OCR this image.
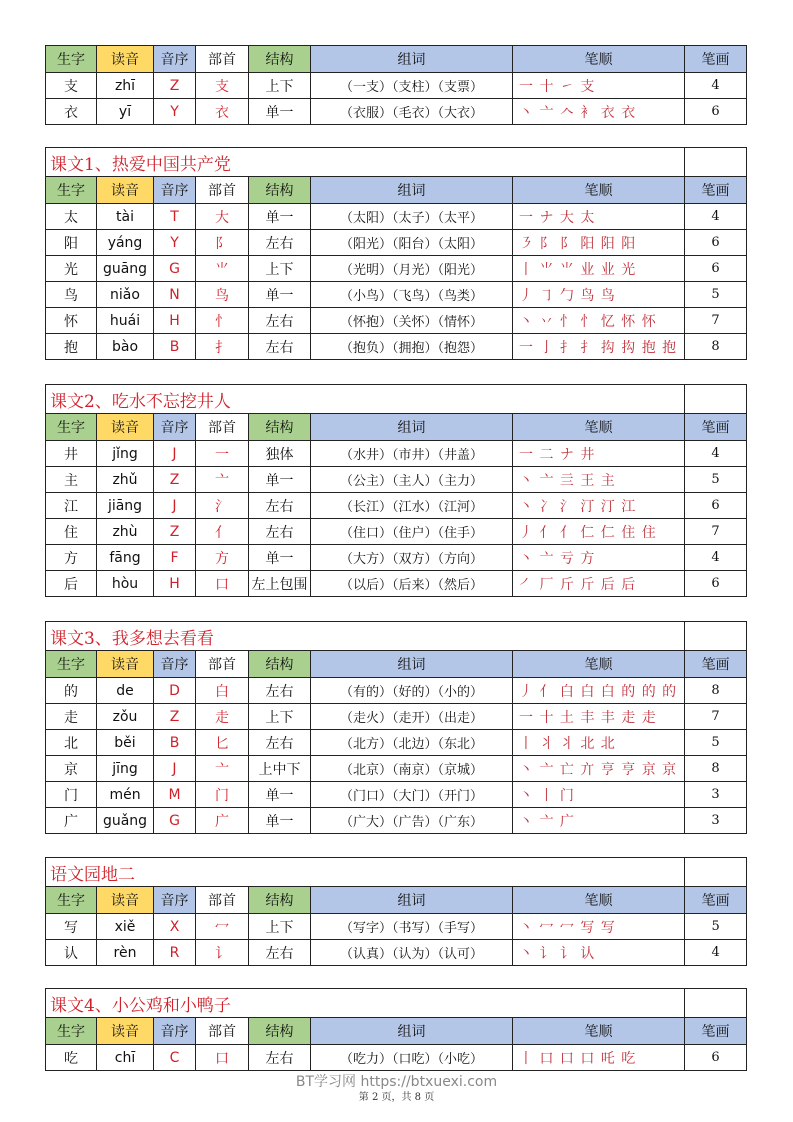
生字	读音	音序	部首	结构	组词	笔顺	笔画
支	zhī	Z	支	上下	（一支）（支柱）（支票）	一 十 ㇀ 支	4
衣	yī	Y	衣	单一	（衣服）（毛衣）（大衣）	丶 亠 𠆢 衤 衣 衣	6
课文1、热爱中国共产党							
生字	读音	音序	部首	结构	组词	笔顺	笔画
太	tài	T	大	单一	（太阳）（太子）（太平）	一 ナ 大 太	4
阳	yáng	Y	阝	左右	（阳光）（阳台）（太阳）	㇋ 阝 阝 阳 阳 阳	6
光	guāng	G	⺌	上下	（光明）（月光）（阳光）	丨 ⺌ ⺌ 业 业 光	6
鸟	niǎo	N	鸟	单一	（小鸟）（飞鸟）（鸟类）	丿 ㇆ 勹 鸟 鸟	5
怀	huái	H	忄	左右	（怀抱）（关怀）（情怀）	丶 丷 忄 忄 忆 怀 怀	7
抱	bào	B	扌	左右	（抱负）（拥抱）（抱怨）	一 亅 扌 扌 抅 抅 抱 抱	8
课文2、吃水不忘挖井人							
生字	读音	音序	部首	结构	组词	笔顺	笔画
井	jǐng	J	一	独体	（水井）（市井）（井盖）	一 二 ナ 井	4
主	zhǔ	Z	亠	单一	（公主）（主人）（主力）	丶 亠 亖 王 主	5
江	jiāng	J	氵	左右	（长江）（江水）（江河）	丶 冫 氵 汀 汀 江	6
住	zhù	Z	亻	左右	（住口）（住户）（住手）	丿 亻 亻 仁 仁 住 住	7
方	fāng	F	方	单一	（大方）（双方）（方向）	丶 亠 亏 方	4
后	hòu	H	口	左上包围	（以后）（后来）（然后）	㇒ 厂 斤 斤 后 后	6
课文3、我多想去看看							
生字	读音	音序	部首	结构	组词	笔顺	笔画
的	de	D	白	左右	（有的）（好的）（小的）	丿 亻 白 白 白 的 的 的	8
走	zǒu	Z	走	上下	（走火）（走开）（出走）	一 十 土 丰 丰 走 走	7
北	běi	B	匕	左右	（北方）（北边）（东北）	丨 丬 丬 北 北	5
京	jīng	J	亠	上中下	（北京）（南京）（京城）	丶 亠 亡 亣 亨 亨 京 京	8
门	mén	M	门	单一	（门口）（大门）（开门）	丶 丨 门	3
广	guǎng	G	广	单一	（广大）（广告）（广东）	丶 亠 广	3
语文园地二							
生字	读音	音序	部首	结构	组词	笔顺	笔画
写	xiě	X	冖	上下	（写字）（书写）（手写）	丶 冖 冖 写 写	5
认	rèn	R	讠	左右	（认真）（认为）（认可）	丶 讠 讠 认	4
课文4、小公鸡和小鸭子							
生字	读音	音序	部首	结构	组词	笔顺	笔画
吃	chī	C	口	左右	（吃力）（口吃）（小吃）	丨 口 口 口 吒 吃	6
BT学习网 https://btxuexi.com
第 2 页，共 8 页
